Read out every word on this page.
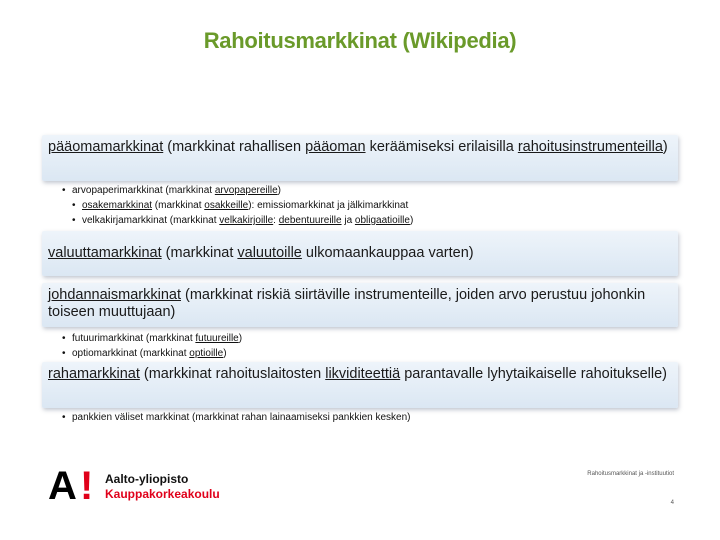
Rahoitusmarkkinat (Wikipedia)
pääomamarkkinat (markkinat rahallisen pääoman keräämiseksi erilaisilla rahoitusinstrumenteilla)
• arvopaperimarkkinat (markkinat arvopapereille)
• osakemarkkinat (markkinat osakkeille): emissiomarkkinat ja jälkimarkkinat
• velkakirjamarkkinat (markkinat velkakirjoille: debentuureille ja obligaatioille)
valuuttamarkkinat (markkinat valuutoille ulkomaankauppaa varten)
johdannaismarkkinat (markkinat riskiä siirtäville instrumenteille, joiden arvo perustuu johonkin toiseen muuttujaan)
• futuurimarkkinat (markkinat futuureille)
• optiomarkkinat (markkinat optioille)
rahamarkkinat (markkinat rahoituslaitosten likviditeettiä parantavalle lyhytaikaiselle rahoitukselle)
• pankkien väliset markkinat (markkinat rahan lainaamiseksi pankkien kesken)
A ! Aalto-yliopisto
Kauppakorkeakoulu
Rahoitusmarkkinat ja -instituutiot
4
